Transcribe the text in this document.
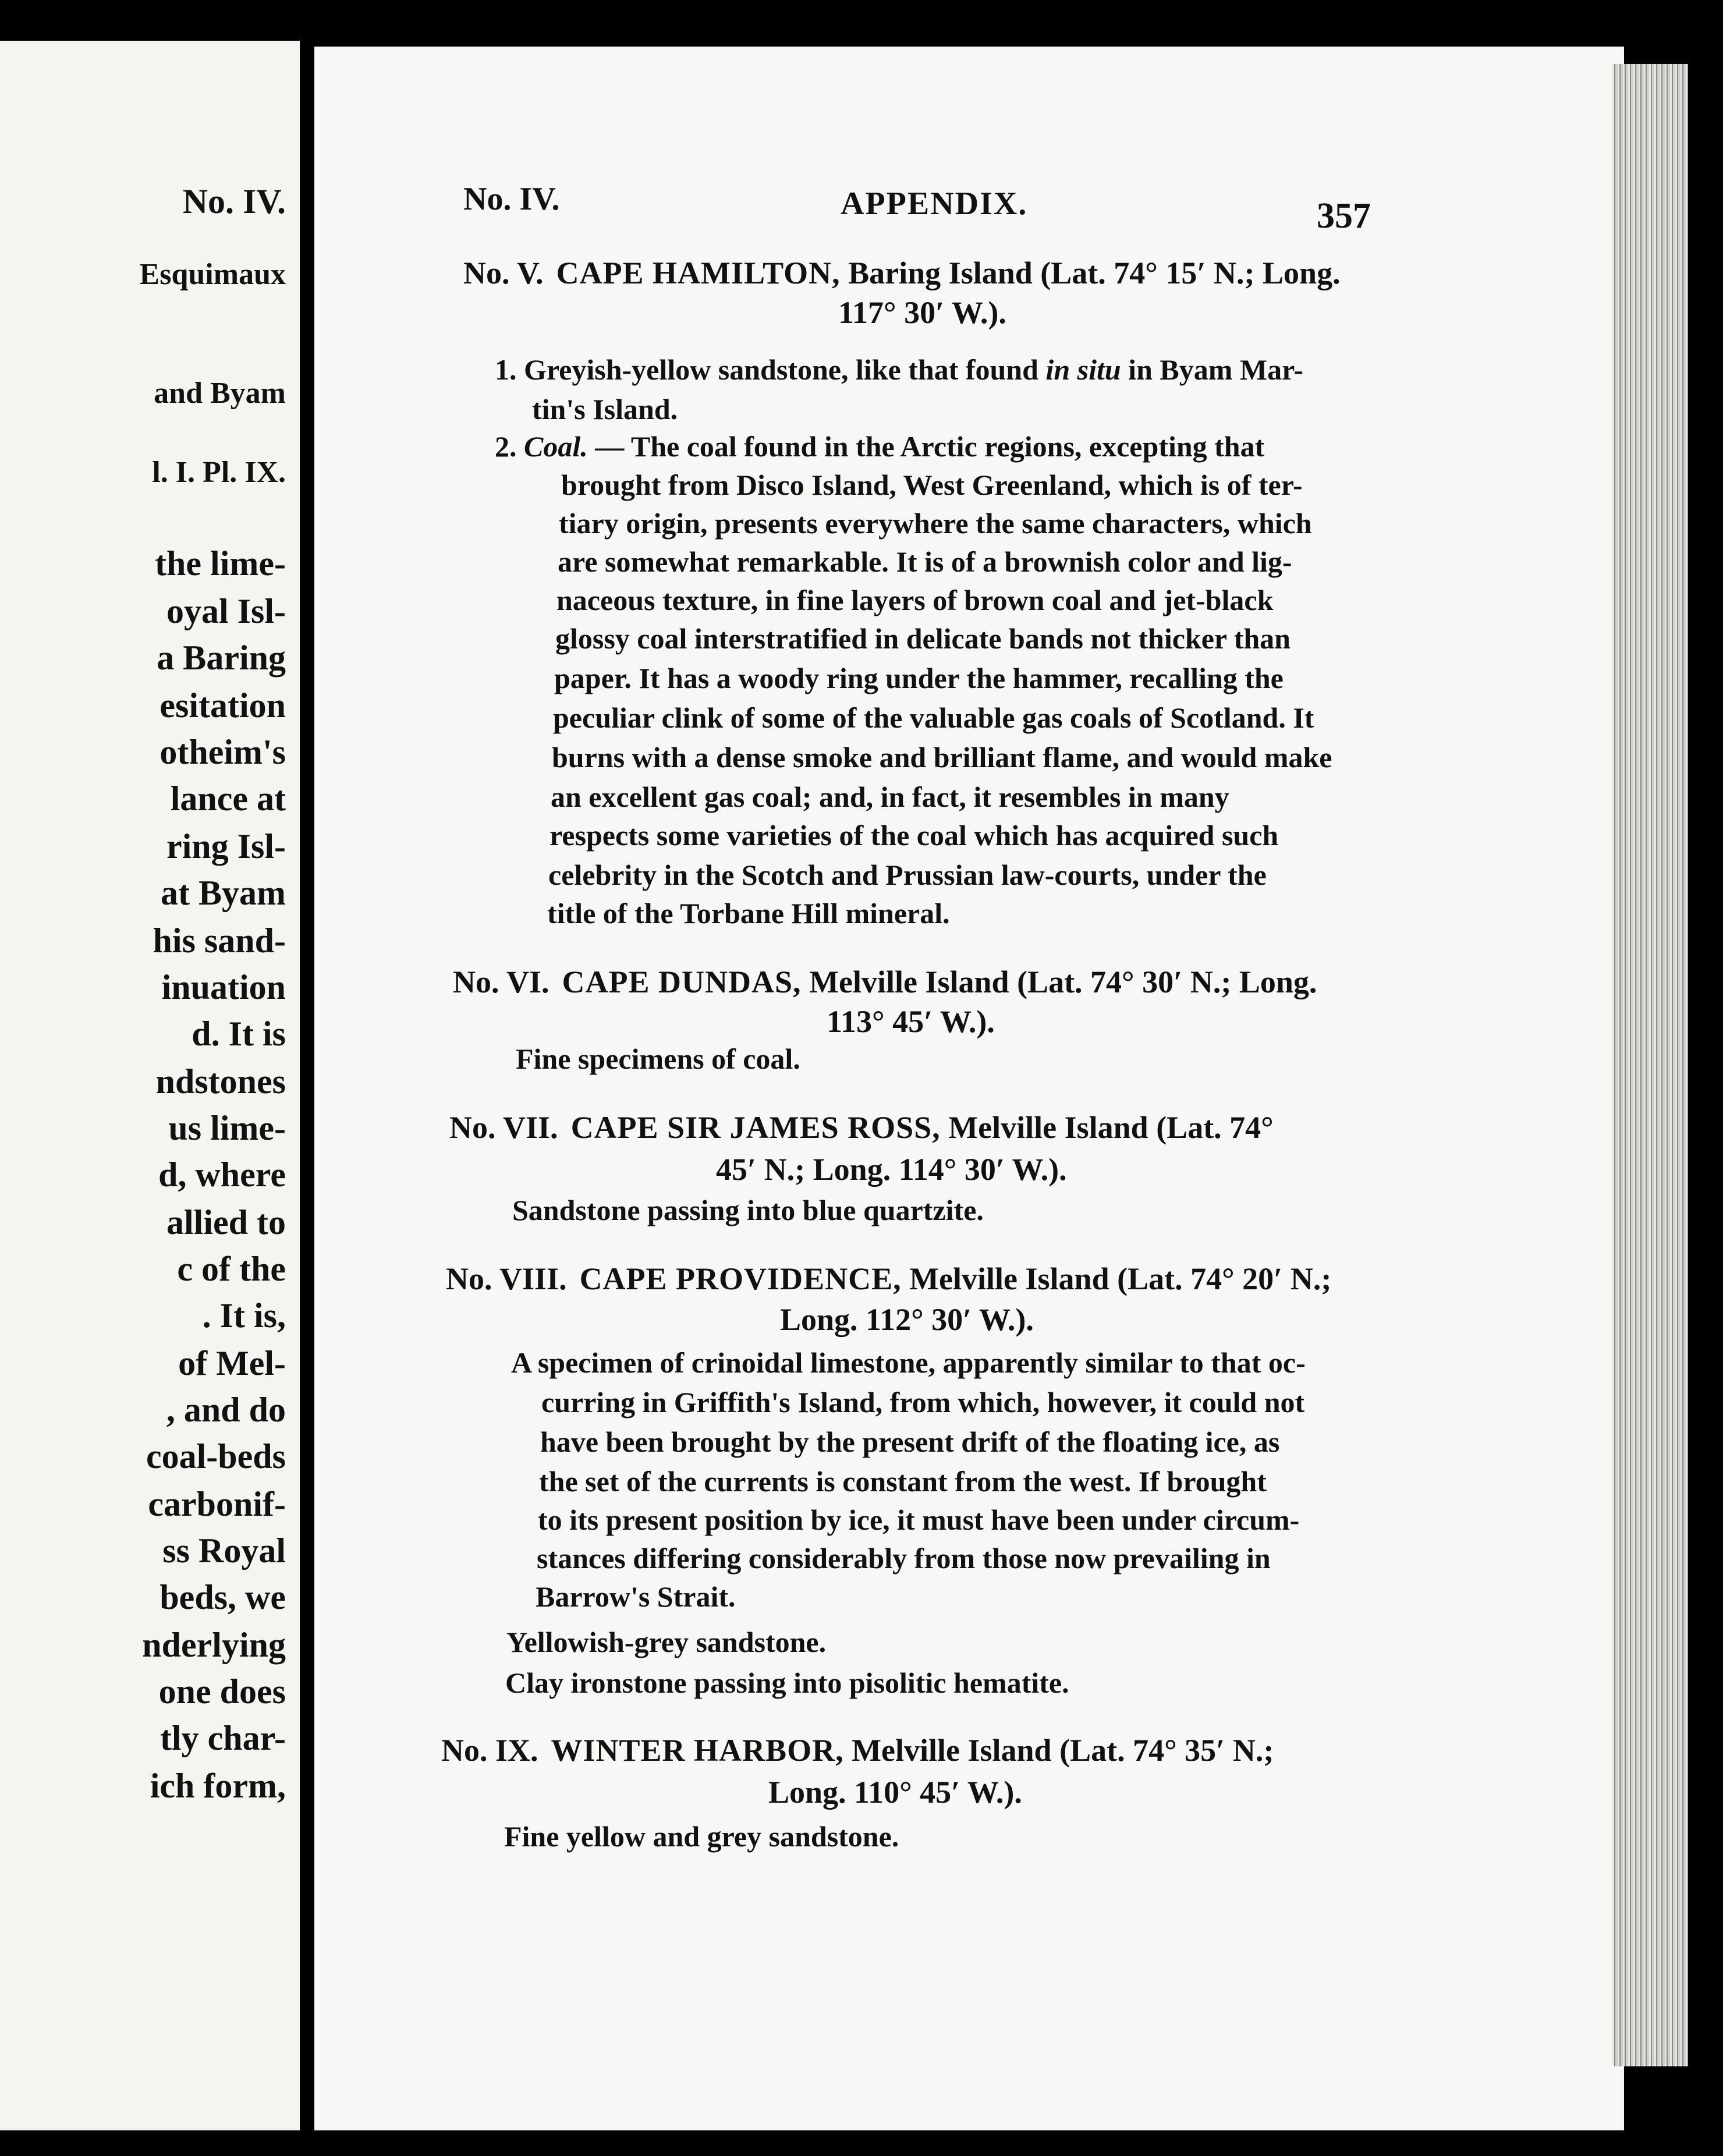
No. IV.
Esquimaux
and Byam
l. I. Pl. IX.
the lime-
oyal Isl-
a Baring
esitation
otheim's
lance at
ring Isl-
at Byam
his sand-
inuation
d. It is
ndstones
us lime-
d, where
allied to
c of the
. It is,
of Mel-
, and do
coal-beds
carbonif-
ss Royal
beds, we
nderlying
one does
tly char-
ich form,
No. IV.	APPENDIX.	357
No. V. CAPE HAMILTON, Baring Island (Lat. 74° 15′ N.; Long.
117° 30′ W.).
1. Greyish-yellow sandstone, like that found in situ in Byam Mar-
tin's Island.
2. Coal. — The coal found in the Arctic regions, excepting that
brought from Disco Island, West Greenland, which is of ter-
tiary origin, presents everywhere the same characters, which
are somewhat remarkable. It is of a brownish color and lig-
naceous texture, in fine layers of brown coal and jet-black
glossy coal interstratified in delicate bands not thicker than
paper. It has a woody ring under the hammer, recalling the
peculiar clink of some of the valuable gas coals of Scotland. It
burns with a dense smoke and brilliant flame, and would make
an excellent gas coal; and, in fact, it resembles in many
respects some varieties of the coal which has acquired such
celebrity in the Scotch and Prussian law-courts, under the
title of the Torbane Hill mineral.
No. VI. CAPE DUNDAS, Melville Island (Lat. 74° 30′ N.; Long.
113° 45′ W.).
Fine specimens of coal.
No. VII. CAPE SIR JAMES ROSS, Melville Island (Lat. 74°
45′ N.; Long. 114° 30′ W.).
Sandstone passing into blue quartzite.
No. VIII. CAPE PROVIDENCE, Melville Island (Lat. 74° 20′ N.;
Long. 112° 30′ W.).
A specimen of crinoidal limestone, apparently similar to that oc-
curring in Griffith's Island, from which, however, it could not
have been brought by the present drift of the floating ice, as
the set of the currents is constant from the west. If brought
to its present position by ice, it must have been under circum-
stances differing considerably from those now prevailing in
Barrow's Strait.
Yellowish-grey sandstone.
Clay ironstone passing into pisolitic hematite.
No. IX. WINTER HARBOR, Melville Island (Lat. 74° 35′ N.;
Long. 110° 45′ W.).
Fine yellow and grey sandstone.
